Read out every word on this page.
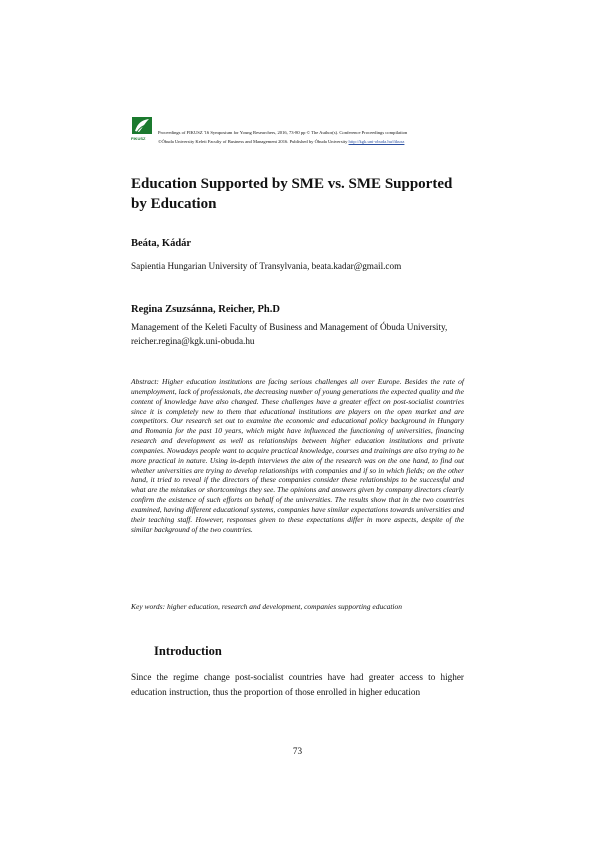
FIKUSZ
Proceedings of FIKUSZ '16 Symposium for Young Researchers, 2016, 73-80 pp © The Author(s). Conference Proceedings compilation
©Óbuda University Keleti Faculty of Business and Management 2016. Published by Óbuda University http://kgk.uni-obuda.hu/fikusz
Education Supported by SME vs. SME Supported by Education

Beáta, Kádár

Sapientia Hungarian University of Transylvania, beata.kadar@gmail.com

Regina Zsuzsánna, Reicher, Ph.D

Management of the Keleti Faculty of Business and Management of Óbuda University, reicher.regina@kgk.uni-obuda.hu

Abstract: Higher education institutions are facing serious challenges all over Europe. Besides the rate of unemployment, lack of professionals, the decreasing number of young generations the expected quality and the content of knowledge have also changed. These challenges have a greater effect on post-socialist countries since it is completely new to them that educational institutions are players on the open market and are competitors. Our research set out to examine the economic and educational policy background in Hungary and Romania for the past 10 years, which might have influenced the functioning of universities, financing research and development as well as relationships between higher education institutions and private companies. Nowadays people want to acquire practical knowledge, courses and trainings are also trying to be more practical in nature. Using in-depth interviews the aim of the research was on the one hand, to find out whether universities are trying to develop relationships with companies and if so in which fields; on the other hand, it tried to reveal if the directors of these companies consider these relationships to be successful and what are the mistakes or shortcomings they see. The opinions and answers given by company directors clearly confirm the existence of such efforts on behalf of the universities. The results show that in the two countries examined, having different educational systems, companies have similar expectations towards universities and their teaching staff. However, responses given to these expectations differ in more aspects, despite of the similar background of the two countries.

Key words: higher education, research and development, companies supporting education

Introduction

Since the regime change post-socialist countries have had greater access to higher education instruction, thus the proportion of those enrolled in higher education

73
